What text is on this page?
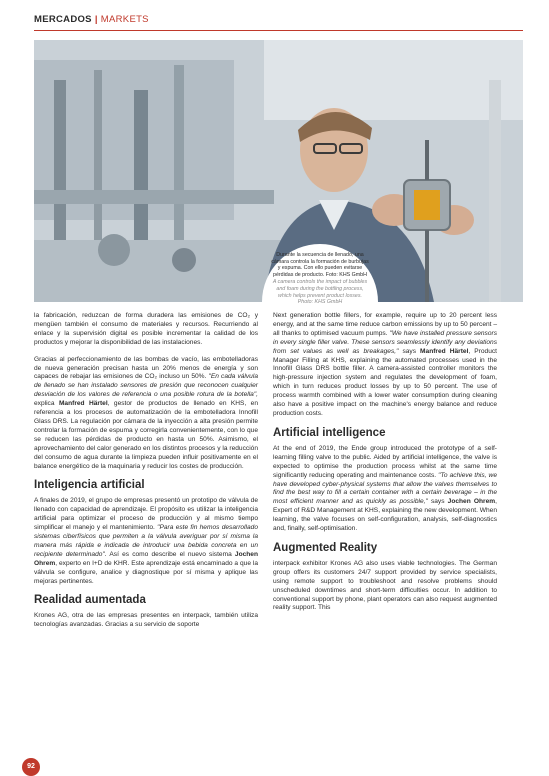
MERCADOS | MARKETS
Durante la secuencia de llenado, una cámara controla la formación de burbujas y espuma. Con ello pueden evitarse pérdidas de producto. Foto: KHS GmbH
A camera controls the impact of bubbles and foam during the bottling process, which helps prevent product losses. Photo: KHS GmbH

la fabricación, reduzcan de forma duradera las emisiones de CO₂ y mengüen también el consumo de materiales y recursos. Recurriendo al enlace y la supervisión digital es posible incrementar la calidad de los productos y mejorar la disponibilidad de las instalaciones.

Gracias al perfeccionamiento de las bombas de vacío, las embotelladoras de nueva generación precisan hasta un 20% menos de energía y son capaces de rebajar las emisiones de CO₂ incluso un 50%. "En cada válvula de llenado se han instalado sensores de presión que reconocen cualquier desviación de los valores de referencia o una posible rotura de la botella", explica Manfred Härtel, gestor de productos de llenado en KHS, en referencia a los procesos de automatización de la embotelladora Innofill Glass DRS. La regulación por cámara de la inyección a alta presión permite controlar la formación de espuma y corregirla convenientemente, con lo que se reducen las pérdidas de producto en hasta un 50%. Asimismo, el aprovechamiento del calor generado en los distintos procesos y la reducción del consumo de agua durante la limpieza pueden influir positivamente en el balance energético de la maquinaria y reducir los costes de producción.

Inteligencia artificial

A finales de 2019, el grupo de empresas presentó un prototipo de válvula de llenado con capacidad de aprendizaje. El propósito es utilizar la inteligencia artificial para optimizar el proceso de producción y al mismo tiempo simplificar el manejo y el mantenimiento. "Para este fin hemos desarrollado sistemas ciberfísicos que permiten a la válvula averiguar por sí misma la manera más rápida e indicada de introducir una bebida concreta en un recipiente determinado". Así es como describe el nuevo sistema Jochen Ohrem, experto en I+D de KHR. Este aprendizaje está encaminado a que la válvula se configure, analice y diagnostique por sí misma y aplique las mejoras pertinentes.

Realidad aumentada

Krones AG, otra de las empresas presentes en interpack, también utiliza tecnologías avanzadas. Gracias a su servicio de soporte

Next generation bottle fillers, for example, require up to 20 percent less energy, and at the same time reduce carbon emissions by up to 50 percent – all thanks to optimised vacuum pumps. "We have installed pressure sensors in every single filler valve. These sensors seamlessly identify any deviations from set values as well as breakages," says Manfred Härtel, Product Manager Filling at KHS, explaining the automated processes used in the Innofill Glass DRS bottle filler. A camera-assisted controller monitors the high-pressure injection system and regulates the development of foam, which in turn reduces product losses by up to 50 percent. The use of process warmth combined with a lower water consumption during cleaning also have a positive impact on the machine's energy balance and reduce production costs.

Artificial intelligence

At the end of 2019, the Ende group introduced the prototype of a self-learning filling valve to the public. Aided by artificial intelligence, the valve is expected to optimise the production process whilst at the same time significantly reducing operating and maintenance costs. "To achieve this, we have developed cyber-physical systems that allow the valves themselves to find the best way to fill a certain container with a certain beverage – in the most efficient manner and as quickly as possible," says Jochen Ohrem, Expert of R&D Management at KHS, explaining the new development. When learning, the valve focuses on self-configuration, analysis, self-diagnostics and, finally, self-optimisation.

Augmented Reality

interpack exhibitor Krones AG also uses viable technologies. The German group offers its customers 24/7 support provided by service specialists, using remote support to troubleshoot and resolve problems should unscheduled downtimes and short-term difficulties occur. In addition to conventional support by phone, plant operators can also request augmented reality support. This

92
